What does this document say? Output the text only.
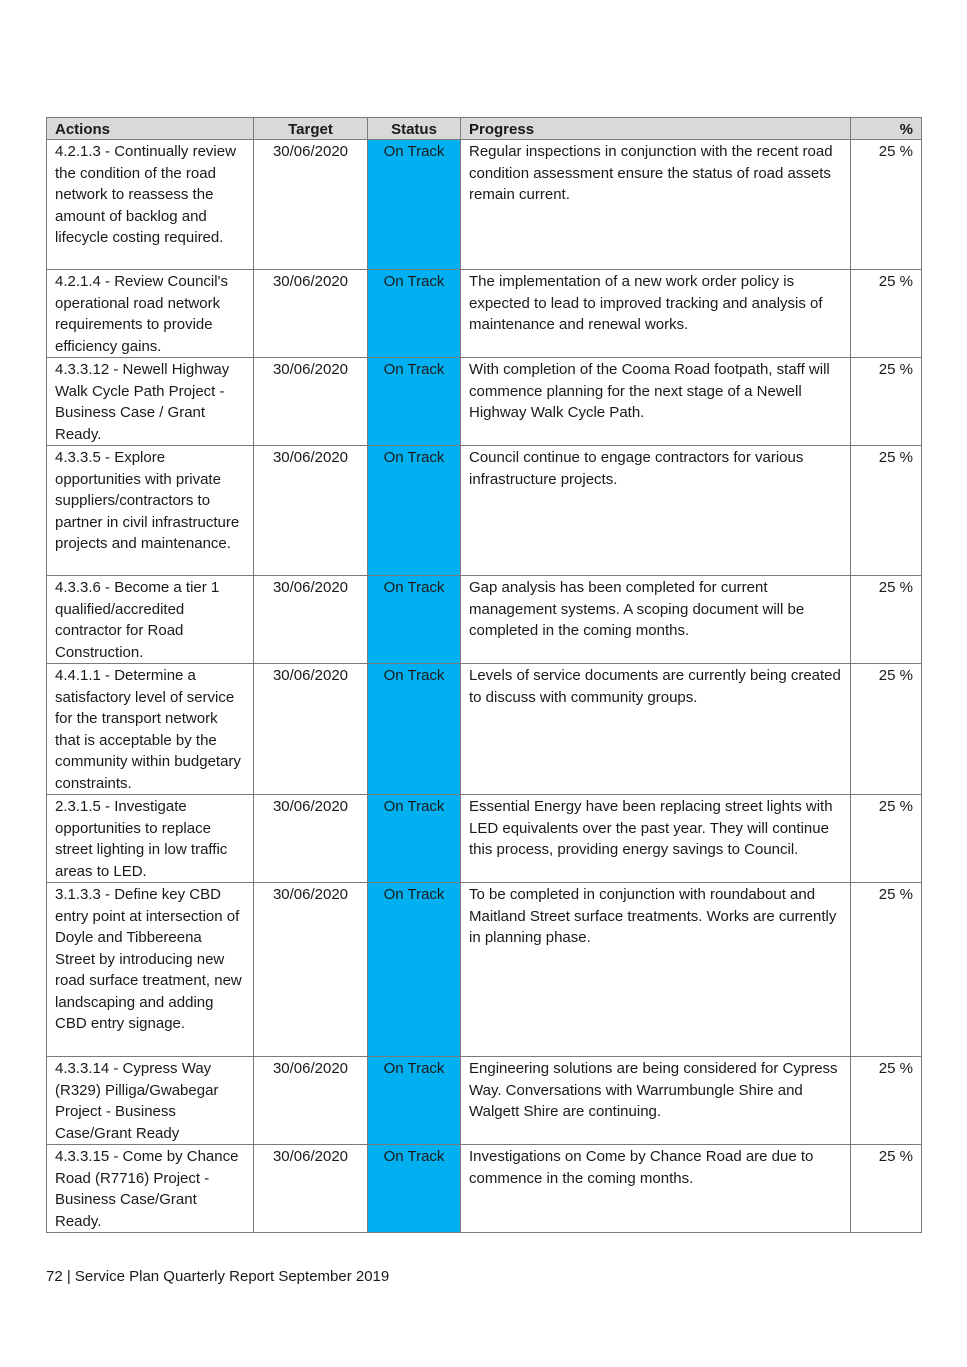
Actions	Target	Status	Progress	%
4.2.1.3 - Continually review the condition of the road network to reassess the amount of backlog and lifecycle costing required.	30/06/2020	On Track	Regular inspections in conjunction with the recent road condition assessment ensure the status of road assets remain current.	25 %
4.2.1.4 - Review Council's operational road network requirements to provide efficiency gains.	30/06/2020	On Track	The implementation of a new work order policy is expected to lead to improved tracking and analysis of maintenance and renewal works.	25 %
4.3.3.12 - Newell Highway Walk Cycle Path Project - Business Case / Grant Ready.	30/06/2020	On Track	With completion of the Cooma Road footpath, staff will commence planning for the next stage of a Newell Highway Walk Cycle Path.	25 %
4.3.3.5 - Explore opportunities with private suppliers/contractors to partner in civil infrastructure projects and maintenance.	30/06/2020	On Track	Council continue to engage contractors for various infrastructure projects.	25 %
4.3.3.6 - Become a tier 1 qualified/accredited contractor for Road Construction.	30/06/2020	On Track	Gap analysis has been completed for current management systems. A scoping document will be completed in the coming months.	25 %
4.4.1.1 - Determine a satisfactory level of service for the transport network that is acceptable by the community within budgetary constraints.	30/06/2020	On Track	Levels of service documents are currently being created to discuss with community groups.	25 %
2.3.1.5 - Investigate opportunities to replace street lighting in low traffic areas to LED.	30/06/2020	On Track	Essential Energy have been replacing street lights with LED equivalents over the past year. They will continue this process, providing energy savings to Council.	25 %
3.1.3.3 - Define key CBD entry point at intersection of Doyle and Tibbereena Street by introducing new road surface treatment, new landscaping and adding CBD entry signage.	30/06/2020	On Track	To be completed in conjunction with roundabout and Maitland Street surface treatments. Works are currently in planning phase.	25 %
4.3.3.14 - Cypress Way (R329) Pilliga/Gwabegar Project - Business Case/Grant Ready	30/06/2020	On Track	Engineering solutions are being considered for Cypress Way. Conversations with Warrumbungle Shire and Walgett Shire are continuing.	25 %
4.3.3.15 - Come by Chance Road (R7716) Project - Business Case/Grant Ready.	30/06/2020	On Track	Investigations on Come by Chance Road are due to commence in the coming months.	25 %
72 | Service Plan Quarterly Report September 2019
